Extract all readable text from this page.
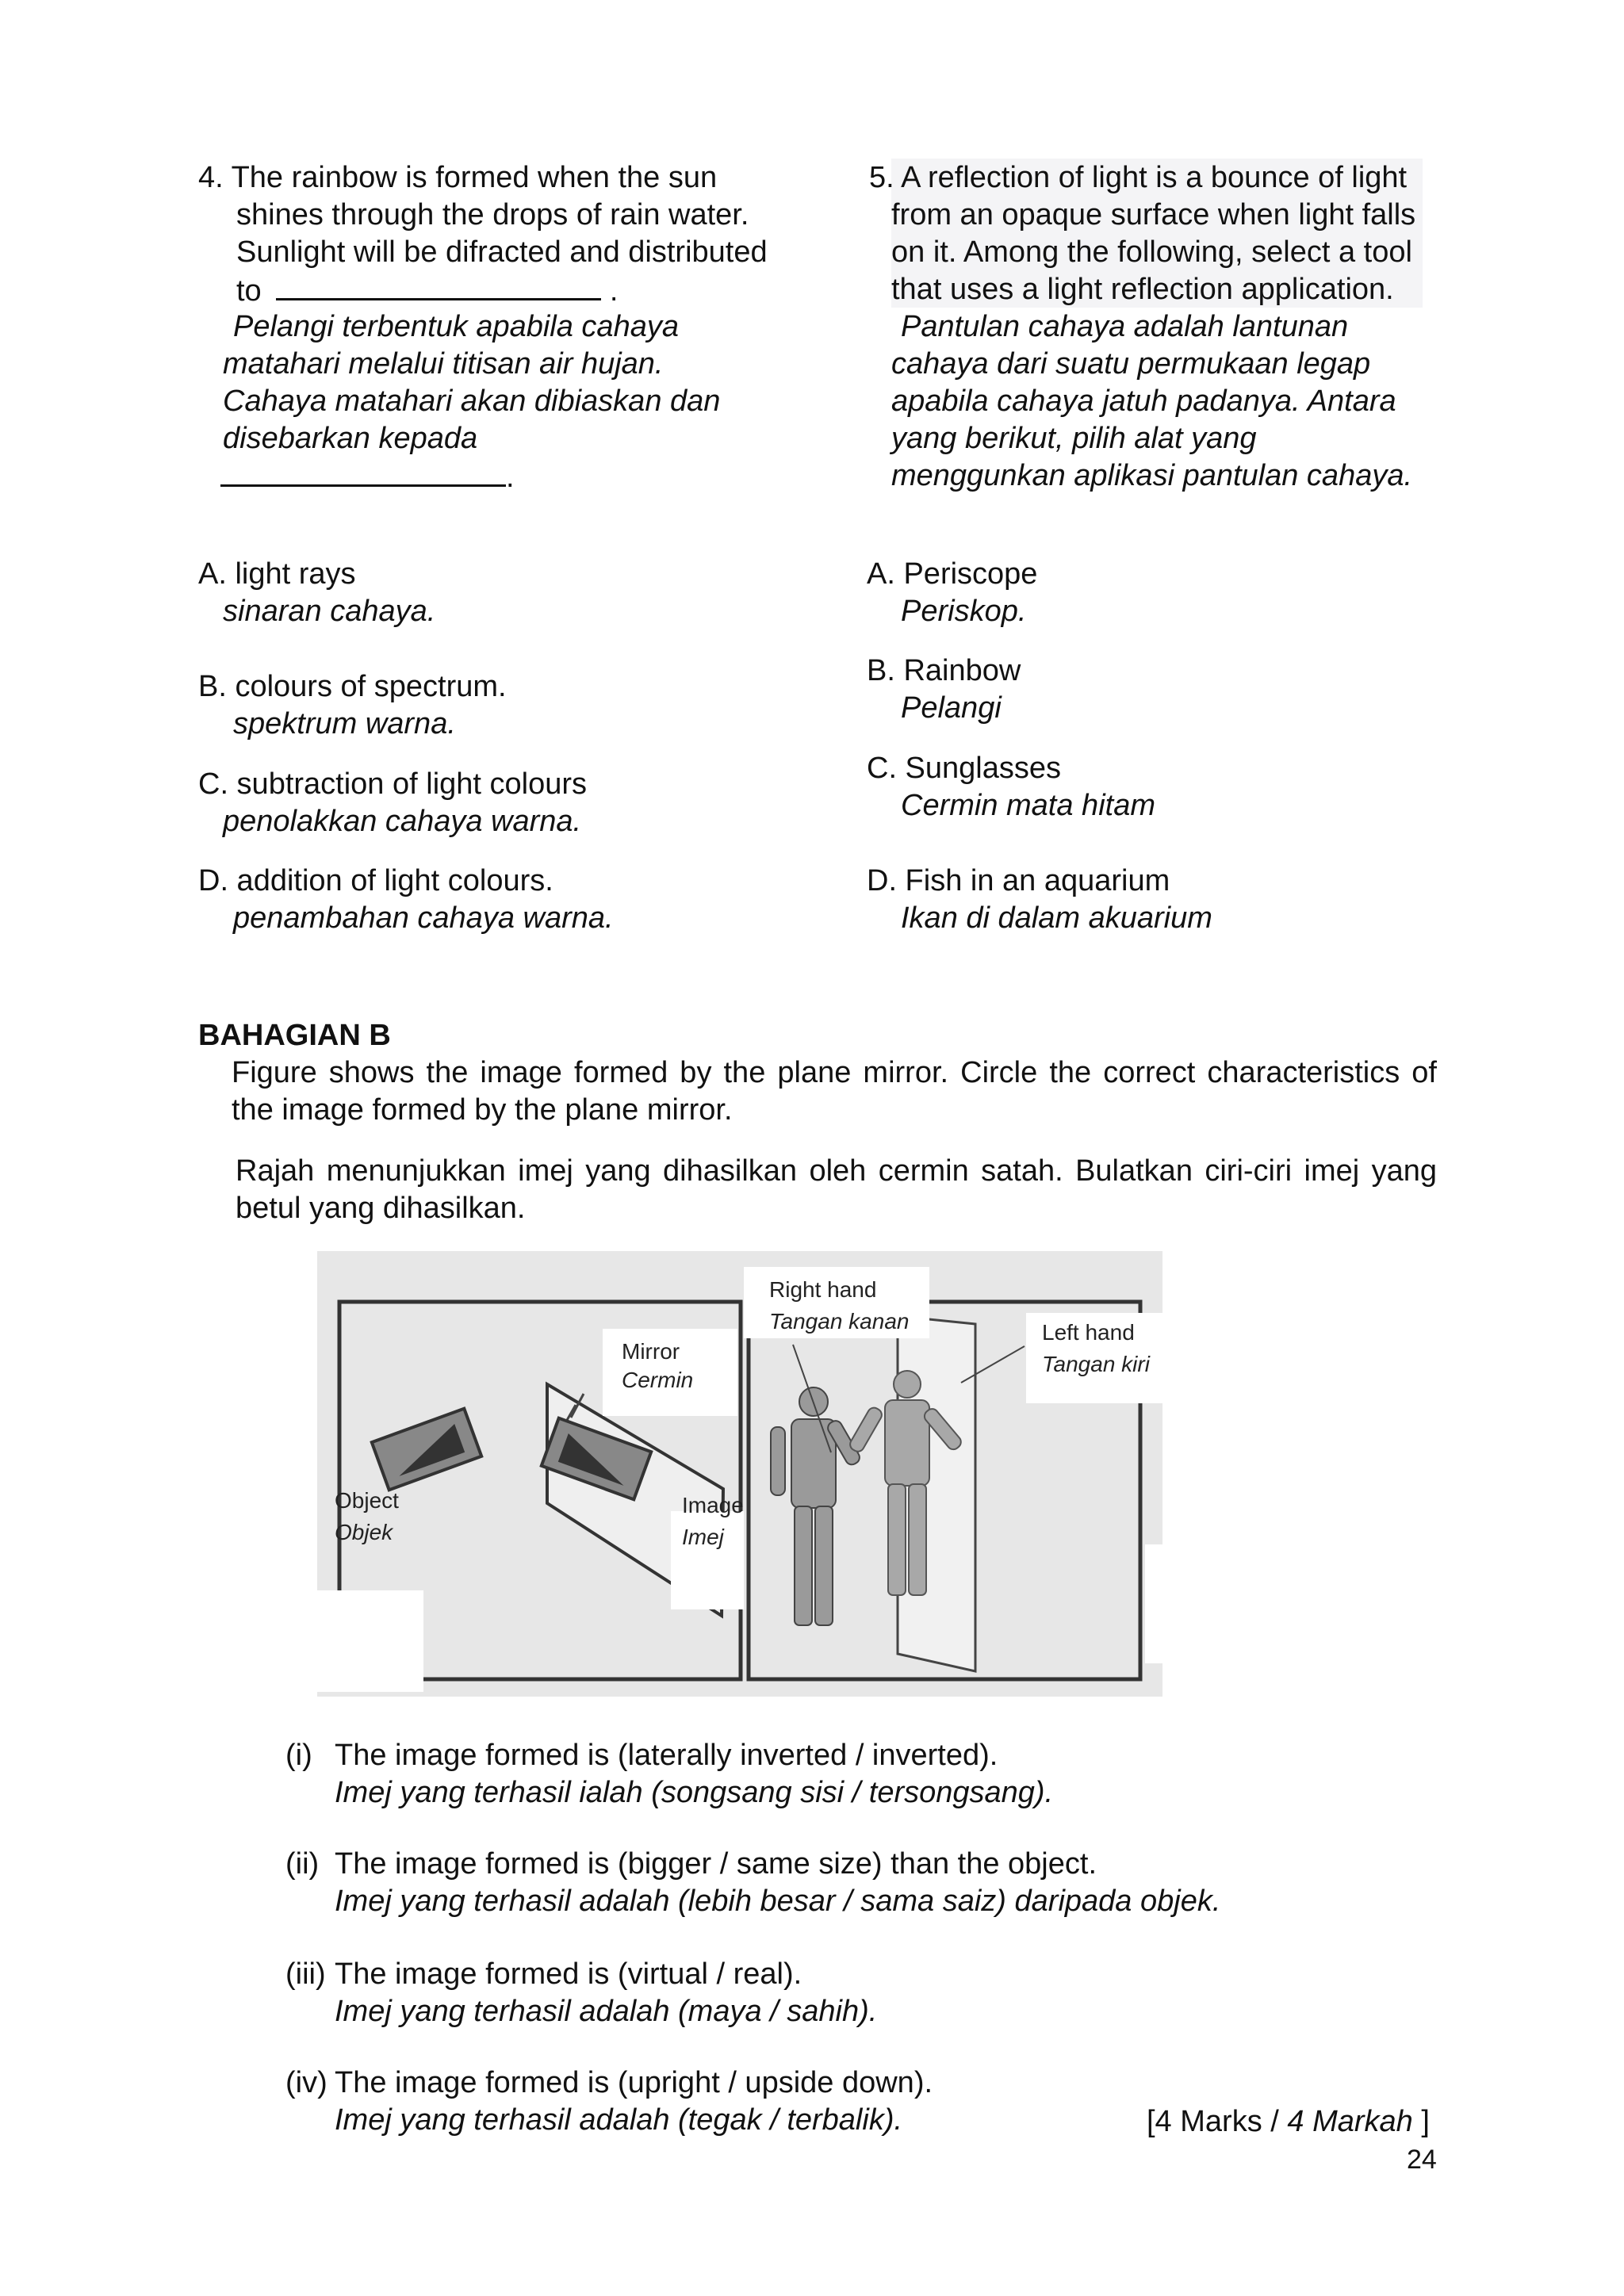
4. The rainbow is formed when the sun
shines through the drops of rain water.
Sunlight will be difracted and distributed
to	.
Pelangi terbentuk apabila cahaya
matahari melalui titisan air hujan.
Cahaya matahari akan dibiaskan dan
disebarkan kepada
.
A. light rays
sinaran cahaya.
B. colours of spectrum.
spektrum warna.
C. subtraction of light colours
penolakkan cahaya warna.
D. addition of light colours.
penambahan cahaya warna.
5. A reflection of light is a bounce of light
from an opaque surface when light falls
on it. Among the following, select a tool
that uses a light reflection application.
Pantulan cahaya adalah lantunan
cahaya dari suatu permukaan legap
apabila cahaya jatuh padanya. Antara
yang berikut, pilih alat yang
menggunkan aplikasi pantulan cahaya.
A. Periscope
Periskop.
B. Rainbow
Pelangi
C. Sunglasses
Cermin mata hitam
D. Fish in an aquarium
Ikan di dalam akuarium
BAHAGIAN B
Figure shows the image formed by the plane mirror. Circle the correct characteristics of the image formed by the plane mirror.
Rajah menunjukkan imej yang dihasilkan oleh cermin satah. Bulatkan ciri-ciri imej yang betul yang dihasilkan.
Object
Objek
Mirror
Cermin
Image
Imej
Right hand
Tangan kanan	Left hand
Tangan kiri
(i) The image formed is (laterally inverted / inverted).
Imej yang terhasil ialah (songsang sisi / tersongsang).
(ii) The image formed is (bigger / same size) than the object.
Imej yang terhasil adalah (lebih besar / sama saiz) daripada objek.
(iii) The image formed is (virtual / real).
Imej yang terhasil adalah (maya / sahih).
(iv) The image formed is (upright / upside down).
Imej yang terhasil adalah (tegak / terbalik).	[4 Marks / 4 Markah ]
24
